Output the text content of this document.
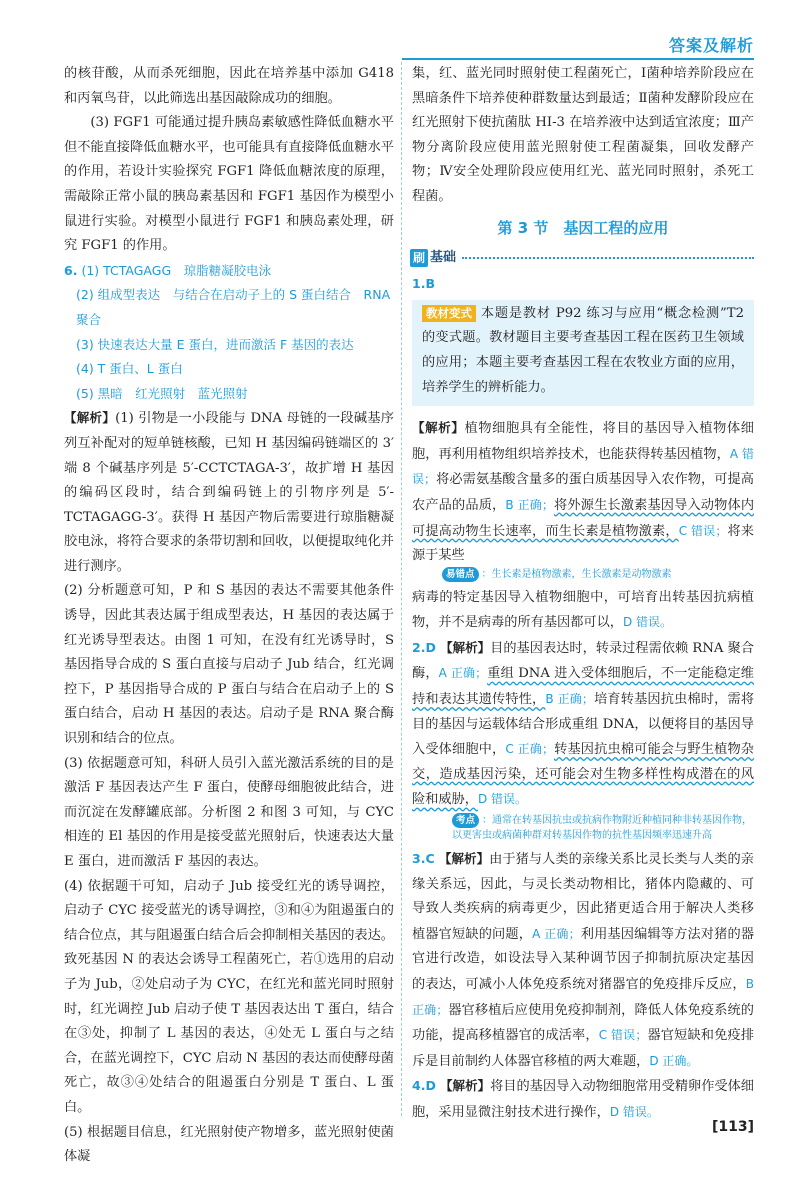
答案及解析

的核苷酸，从而杀死细胞，因此在培养基中添加 G418 和丙氧鸟苷，以此筛选出基因敲除成功的细胞。

(3) FGF1 可能通过提升胰岛素敏感性降低血糖水平但不能直接降低血糖水平，也可能具有直接降低血糖水平的作用，若设计实验探究 FGF1 降低血糖浓度的原理，需敲除正常小鼠的胰岛素基因和 FGF1 基因作为模型小鼠进行实验。对模型小鼠进行 FGF1 和胰岛素处理，研究 FGF1 的作用。

6. (1) TCTAGAGG　琼脂糖凝胶电泳
(2) 组成型表达　与结合在启动子上的 S 蛋白结合　RNA 聚合
(3) 快速表达大量 E 蛋白，进而激活 F 基因的表达
(4) T 蛋白、L 蛋白
(5) 黑暗　红光照射　蓝光照射

【解析】(1) 引物是一小段能与 DNA 母链的一段碱基序列互补配对的短单链核酸，已知 H 基因编码链端区的 3′端 8 个碱基序列是 5′-CCTCTAGA-3′，故扩增 H 基因的编码区段时，结合到编码链上的引物序列是 5′-TCTAGAGG-3′。获得 H 基因产物后需要进行琼脂糖凝胶电泳，将符合要求的条带切割和回收，以便提取纯化并进行测序。

(2) 分析题意可知，P 和 S 基因的表达不需要其他条件诱导，因此其表达属于组成型表达，H 基因的表达属于红光诱导型表达。由图 1 可知，在没有红光诱导时，S 基因指导合成的 S 蛋白直接与启动子 Jub 结合，红光调控下，P 基因指导合成的 P 蛋白与结合在启动子上的 S 蛋白结合，启动 H 基因的表达。启动子是 RNA 聚合酶识别和结合的位点。

(3) 依据题意可知，科研人员引入蓝光激活系统的目的是激活 F 基因表达产生 F 蛋白，使酵母细胞彼此结合，进而沉淀在发酵罐底部。分析图 2 和图 3 可知，与 CYC 相连的 El 基因的作用是接受蓝光照射后，快速表达大量 E 蛋白，进而激活 F 基因的表达。

(4) 依据题干可知，启动子 Jub 接受红光的诱导调控，启动子 CYC 接受蓝光的诱导调控，③和④为阻遏蛋白的结合位点，其与阻遏蛋白结合后会抑制相关基因的表达。致死基因 N 的表达会诱导工程菌死亡，若①选用的启动子为 Jub，②处启动子为 CYC，在红光和蓝光同时照射时，红光调控 Jub 启动子使 T 基因表达出 T 蛋白，结合在③处，抑制了 L 基因的表达，④处无 L 蛋白与之结合，在蓝光调控下，CYC 启动 N 基因的表达而使酵母菌死亡，故③④处结合的阻遏蛋白分别是 T 蛋白、L 蛋白。

(5) 根据题目信息，红光照射使产物增多，蓝光照射使菌体凝

集，红、蓝光同时照射使工程菌死亡，Ⅰ菌种培养阶段应在黑暗条件下培养使种群数量达到最适；Ⅱ菌种发酵阶段应在红光照射下使抗菌肽 HI-3 在培养液中达到适宜浓度；Ⅲ产物分离阶段应使用蓝光照射使工程菌凝集，回收发酵产物；Ⅳ安全处理阶段应使用红光、蓝光同时照射，杀死工程菌。

第 3 节　基因工程的应用
刷 基础
1.B

教材变式 本题是教材 P92 练习与应用“概念检测”T2 的变式题。教材题目主要考查基因工程在医药卫生领域的应用；本题主要考查基因工程在农牧业方面的应用，培养学生的辨析能力。

【解析】植物细胞具有全能性，将目的基因导入植物体细胞，再利用植物组织培养技术，也能获得转基因植物，A 错误；将必需氨基酸含量多的蛋白质基因导入农作物，可提高农产品的品质，B 正确；将外源生长激素基因导入动物体内可提高动物生长速率，而生长素是植物激素，C 错误；将来源于某些

易错点 ：生长素是植物激素，生长激素是动物激素

病毒的特定基因导入植物细胞中，可培育出转基因抗病植物，并不是病毒的所有基因都可以，D 错误。

2.D 【解析】目的基因表达时，转录过程需依赖 RNA 聚合酶，A 正确；重组 DNA 进入受体细胞后，不一定能稳定维持和表达其遗传特性，B 正确；培育转基因抗虫棉时，需将目的基因与运载体结合形成重组 DNA，以便将目的基因导入受体细胞中，C 正确；转基因抗虫棉可能会与野生植物杂交，造成基因污染，还可能会对生物多样性构成潜在的风险和威胁，D 错误。

考点 ：通常在转基因抗虫或抗病作物附近种植同种非转基因作物，以更害虫或病菌种群对转基因作物的抗性基因频率迅速升高

3.C 【解析】由于猪与人类的亲缘关系比灵长类与人类的亲缘关系远，因此，与灵长类动物相比，猪体内隐藏的、可导致人类疾病的病毒更少，因此猪更适合用于解决人类移植器官短缺的问题，A 正确；利用基因编辑等方法对猪的器官进行改造，如设法导入某种调节因子抑制抗原决定基因的表达，可减小人体免疫系统对猪器官的免疫排斥反应，B 正确；器官移植后应使用免疫抑制剂，降低人体免疫系统的功能，提高移植器官的成活率，C 错误；器官短缺和免疫排斥是目前制约人体器官移植的两大难题，D 正确。

4.D 【解析】将目的基因导入动物细胞常用受精卵作受体细胞，采用显微注射技术进行操作，D 错误。

[113]
